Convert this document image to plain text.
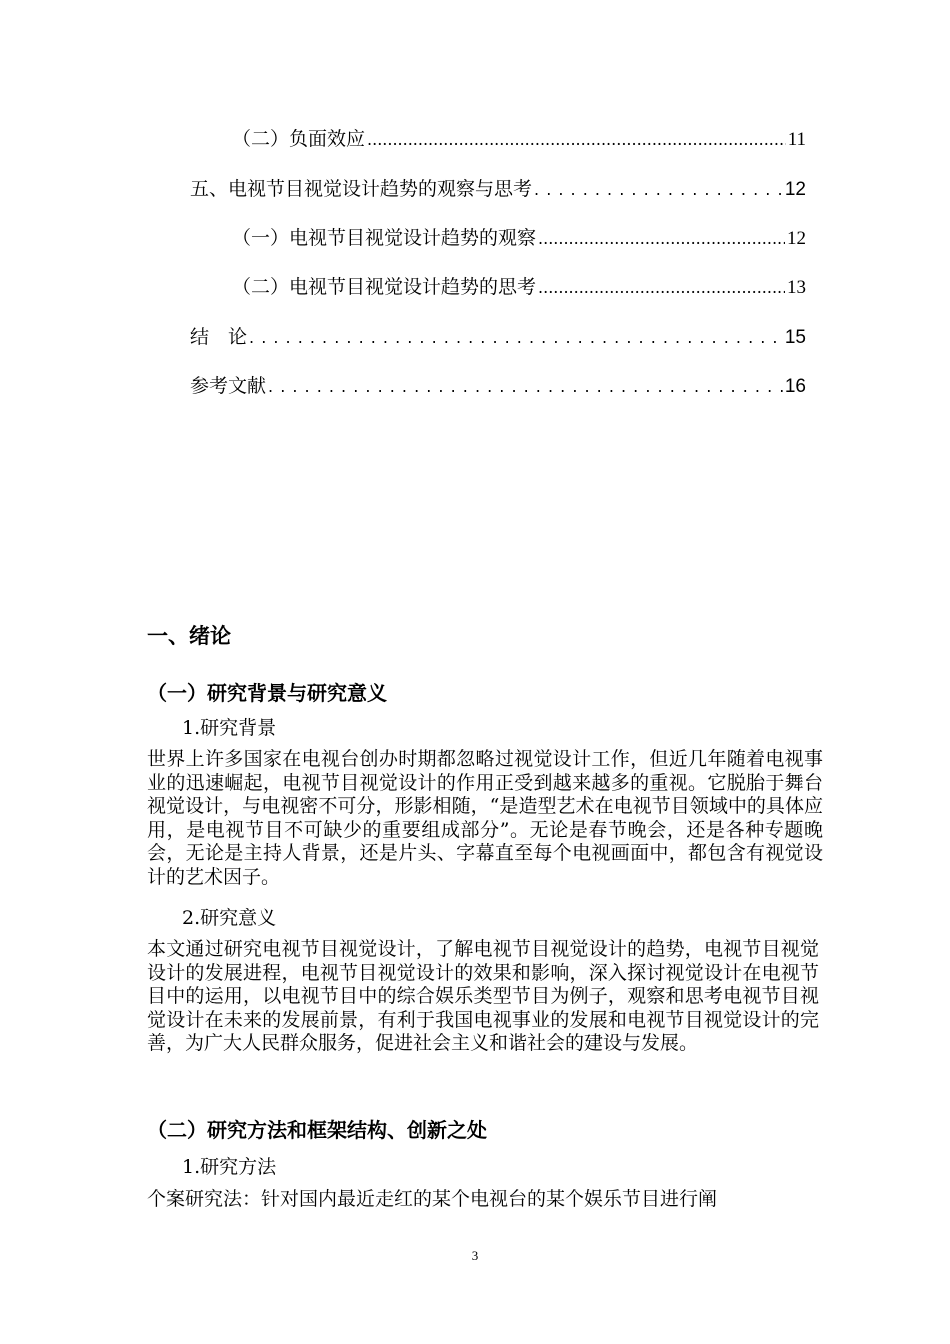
（二）负面效应 .....	11
五、电视节目视觉设计趋势的观察与思考 . . .	12
（一）电视节目视觉设计趋势的观察 .....	12
（二）电视节目视觉设计趋势的思考 .....	13
结　论 . . .	15
参考文献 . . .	16
一、绪论
（一）研究背景与研究意义
1.研究背景
世界上许多国家在电视台创办时期都忽略过视觉设计工作，但近几年随着电视事业的迅速崛起，电视节目视觉设计的作用正受到越来越多的重视。它脱胎于舞台视觉设计，与电视密不可分，形影相随，“是造型艺术在电视节目领域中的具体应用，是电视节目不可缺少的重要组成部分”。无论是春节晚会，还是各种专题晚会，无论是主持人背景，还是片头、字幕直至每个电视画面中，都包含有视觉设计的艺术因子。
2.研究意义
本文通过研究电视节目视觉设计，了解电视节目视觉设计的趋势，电视节目视觉设计的发展进程，电视节目视觉设计的效果和影响，深入探讨视觉设计在电视节目中的运用，以电视节目中的综合娱乐类型节目为例子，观察和思考电视节目视觉设计在未来的发展前景，有利于我国电视事业的发展和电视节目视觉设计的完善，为广大人民群众服务，促进社会主义和谐社会的建设与发展。
（二）研究方法和框架结构、创新之处
1.研究方法
个案研究法：针对国内最近走红的某个电视台的某个娱乐节目进行阐
3
